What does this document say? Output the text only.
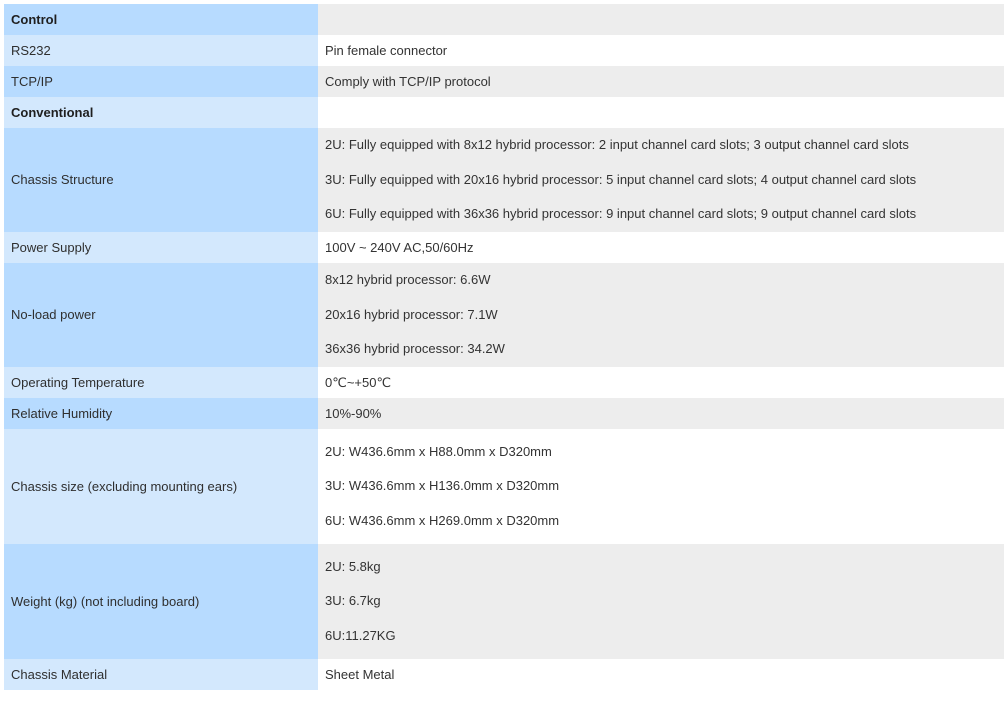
Control	
RS232	Pin female connector
TCP/IP	Comply with TCP/IP protocol
Conventional	
Chassis Structure	2U: Fully equipped with 8x12 hybrid processor: 2 input channel card slots; 3 output channel card slots
3U: Fully equipped with 20x16 hybrid processor: 5 input channel card slots; 4 output channel card slots
6U: Fully equipped with 36x36 hybrid processor: 9 input channel card slots; 9 output channel card slots

Power Supply	100V ~ 240V AC,50/60Hz
No-load power	8x12 hybrid processor: 6.6W
20x16 hybrid processor: 7.1W
36x36 hybrid processor: 34.2W

Operating Temperature	0℃~+50℃
Relative Humidity	10%-90%
Chassis size (excluding mounting ears)	2U: W436.6mm x H88.0mm x D320mm
3U: W436.6mm x H136.0mm x D320mm
6U: W436.6mm x H269.0mm x D320mm

Weight (kg) (not including board)	2U: 5.8kg
3U: 6.7kg
6U:11.27KG

Chassis Material	Sheet Metal
